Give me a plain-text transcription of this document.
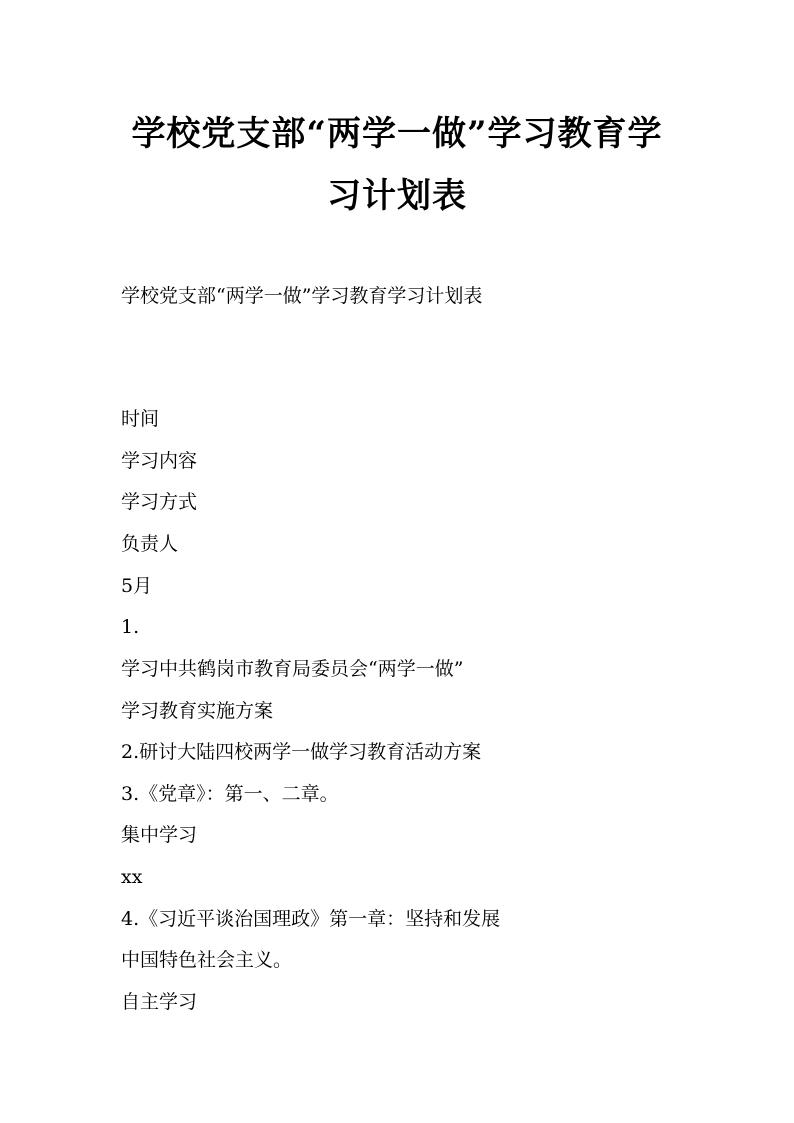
学校党支部“两学一做”学习教育学
习计划表

学校党支部“两学一做”学习教育学习计划表

时间

学习内容

学习方式

负责人

5月

1.

学习中共鹤岗市教育局委员会“两学一做”

学习教育实施方案

2.研讨大陆四校两学一做学习教育活动方案

3.《党章》：第一、二章。

集中学习

xx

4.《习近平谈治国理政》第一章：坚持和发展

中国特色社会主义。

自主学习
